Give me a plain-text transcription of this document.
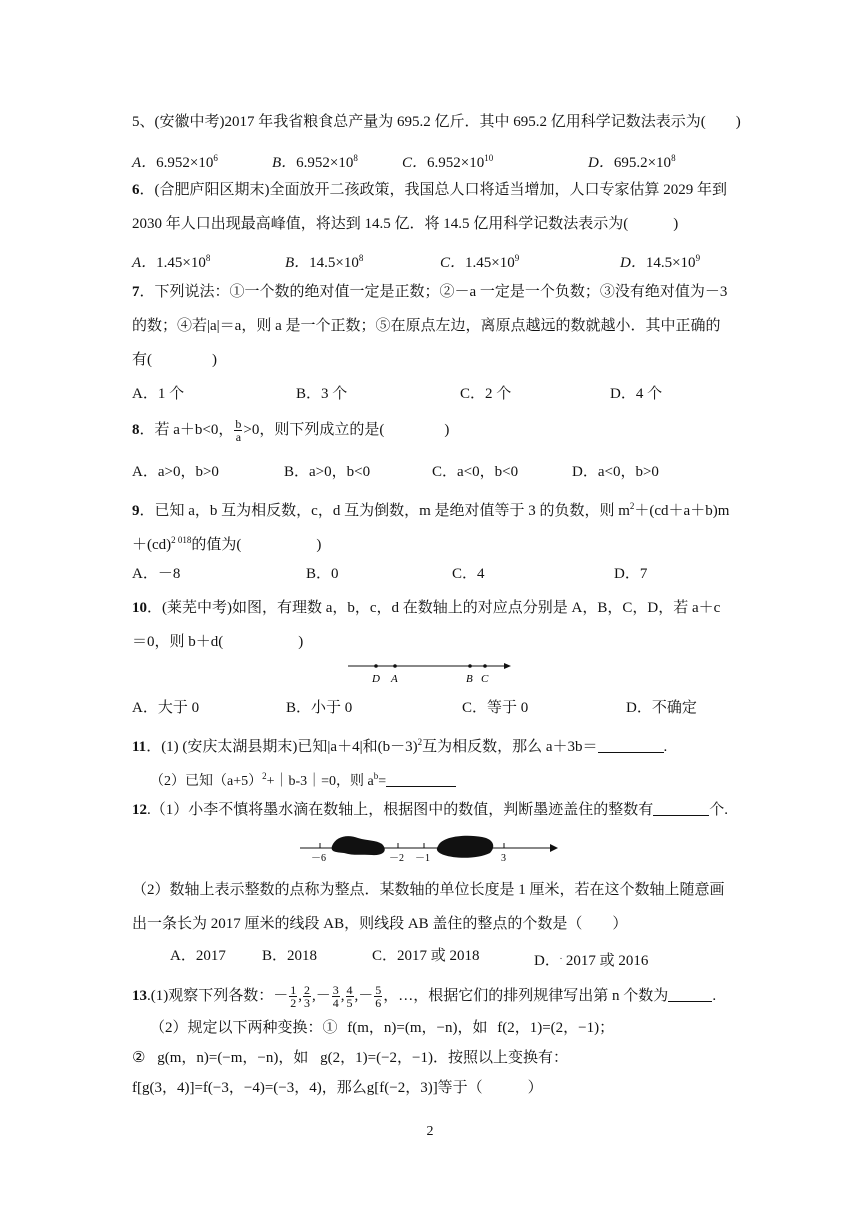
5、(安徽中考)2017 年我省粮食总产量为 695.2 亿斤．其中 695.2 亿用科学记数法表示为(　　)
A．$6.952\times 10^6$	B．$6.952\times 10^8$	C．$6.952\times 10^{10}$	D．$695.2\times 10^8$
6．(合肥庐阳区期末)全面放开二孩政策，我国总人口将适当增加，人口专家估算 2029 年到
2030 年人口出现最高峰值，将达到 14.5 亿．将 14.5 亿用科学记数法表示为(　　　)
A．$1.45\times 10^8$	B．$14.5\times 10^8$	C．$1.45\times 10^9$	D．$14.5\times 10^9$
7．下列说法：①一个数的绝对值一定是正数；②－a 一定是一个负数；③没有绝对值为－3
的数；④若|a|＝a，则 a 是一个正数；⑤在原点左边，离原点越远的数就越小．其中正确的
有(　　　　)
A．1 个	B．3 个	C．2 个	D．4 个
8．若 a＋b<0， $\frac{b}{a} >0$，则下列成立的是(　　　　)
A．a>0，b>0	B．a>0，b<0	C．a<0，b<0	D．a<0，b>0
9．已知 a，b 互为相反数，c，d 互为倒数，m 是绝对值等于 3 的负数，则 $m^2+(cd+a+b)m$
＋(cd)$^{2 018}$的值为(　　　　　)
A．－8	B．0	C．4	D．7
10．(莱芜中考)如图，有理数 a，b，c，d 在数轴上的对应点分别是 A，B，C，D，若 a＋c
＝0，则 b＋d(　　　　　)
D A	B C
A．大于 0	B．小于 0	C．等于 0	D．不确定
11．(1) (安庆太湖县期末)已知|a＋4|和$(b-3)^2$互为相反数，那么 a＋3b＝	.
（2）已知$(a+5)^2+|b-3|=0$，则 $a^b=$
12.（1）小李不慎将墨水滴在数轴上，根据图中的数值，判断墨迹盖住的整数有	个.
－6	－2 －1	3
（2）数轴上表示整数的点称为整点．某数轴的单位长度是 1 厘米，若在这个数轴上随意画
出一条长为 2017 厘米的线段 AB，则线段 AB 盖住的整点的个数是（　　）
A．2017 B．2018	C．2017 或 2018	D．. 2017 或 2016
13.(1)观察下列各数：－ $\frac{1}{2}$ , $\frac{2}{3}$ ,－ $\frac{3}{4}$ , $\frac{4}{5}$ ,－ $\frac{5}{6}$ ，…，根据它们的排列规律写出第 n 个数为	.
（2）规定以下两种变换：① f(m，n)=(m，−n)，如 f(2，1)=(2，−1)；
② g(m，n)=(−m，−n)，如 g(2，1)=(−2，−1)．按照以上变换有：
f[g(3，4)]=f(−3，−4)=(−3，4)，那么g[f(−2，3)]等于（　　　）
2
